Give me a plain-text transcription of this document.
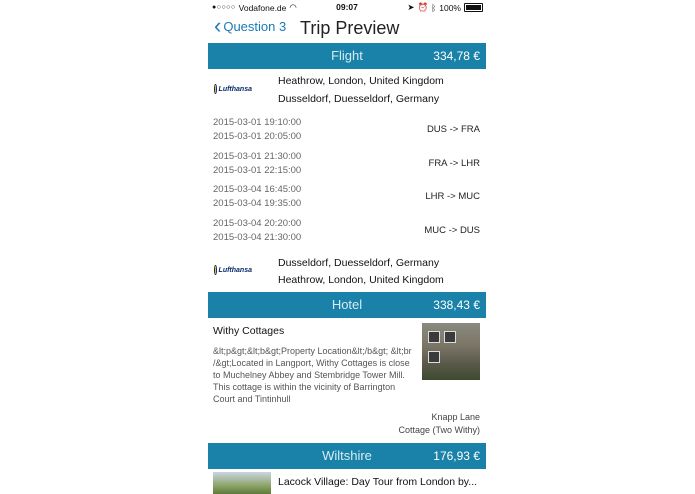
●○○○○ Vodafone.de ◠	09:07	➤ ⏰ ᛒ 100%
‹ Question 3 Trip Preview
Flight	334,78 €
Lufthansa
Heathrow, London, United Kingdom
Dusseldorf, Duesseldorf, Germany
2015-03-01 19:10:00
2015-03-01 20:05:00
DUS -> FRA
2015-03-01 21:30:00
2015-03-01 22:15:00
FRA -> LHR
2015-03-04 16:45:00
2015-03-04 19:35:00
LHR -> MUC
2015-03-04 20:20:00
2015-03-04 21:30:00
MUC -> DUS
Lufthansa
Dusseldorf, Duesseldorf, Germany
Heathrow, London, United Kingdom
Hotel	338,43 €
Withy Cottages
&lt;p&gt;&lt;b&gt;Property Location&lt;/b&gt; &lt;br /&gt;Located in Langport, Withy Cottages is close to Muchelney Abbey and Stembridge Tower Mill. This cottage is within the vicinity of Barrington Court and Tintinhull
Knapp Lane
Cottage (Two Withy)
Wiltshire	176,93 €
Lacock Village: Day Tour from London by...
